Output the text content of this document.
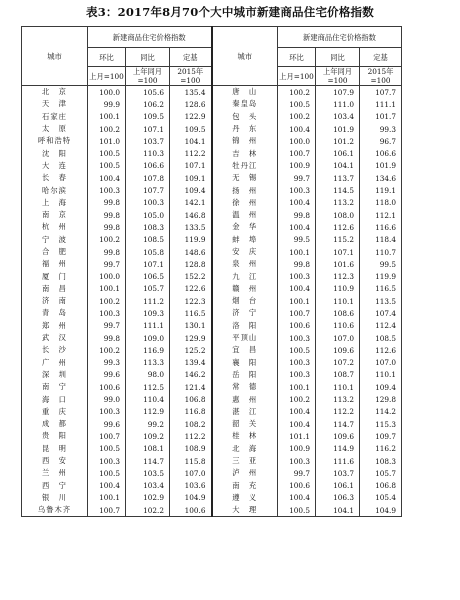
表3：2017年8月70个大中城市新建商品住宅价格指数
城市	新建商品住宅价格指数			城市	新建商品住宅价格指数		
	环比	同比	定基		环比	同比	定基
	上月=100	上年同月=100	2015年=100		上月=100	上年同月=100	2015年=100
北　京	100.0	105.6	135.4	唐　山	100.2	107.9	107.7
天　津	99.9	106.2	128.6	秦皇岛	100.5	111.0	111.1
石家庄	100.1	109.5	122.9	包　头	100.2	103.4	101.7
太　原	100.2	107.1	109.5	丹　东	100.4	101.9	99.3
呼和浩特	101.0	103.7	104.1	锦　州	100.0	101.2	96.7
沈　阳	100.5	110.3	112.2	吉　林	100.7	106.1	106.6
大　连	100.5	106.6	107.1	牡丹江	100.9	104.1	101.9
长　春	100.4	107.8	109.1	无　锡	99.7	113.7	134.6
哈尔滨	100.3	107.7	109.4	扬　州	100.3	114.5	119.1
上　海	99.8	100.3	142.1	徐　州	100.4	113.2	118.0
南　京	99.8	105.0	146.8	温　州	99.8	108.0	112.1
杭　州	99.8	108.3	133.5	金　华	100.4	112.6	116.6
宁　波	100.2	108.5	119.9	蚌　埠	99.5	115.2	118.4
合　肥	99.8	105.8	148.6	安　庆	100.1	107.1	110.7
福　州	99.7	107.1	128.8	泉　州	99.8	101.6	99.5
厦　门	100.0	106.5	152.2	九　江	100.3	112.3	119.9
南　昌	100.1	105.7	122.6	赣　州	100.4	110.9	116.5
济　南	100.2	111.2	122.3	烟　台	100.1	110.1	113.5
青　岛	100.3	109.3	116.5	济　宁	100.7	108.6	107.4
郑　州	99.7	111.1	130.1	洛　阳	100.6	110.6	112.4
武　汉	99.8	109.0	129.9	平顶山	100.3	107.0	108.5
长　沙	100.2	116.9	125.2	宜　昌	100.5	109.6	112.6
广　州	99.3	113.3	139.4	襄　阳	100.3	107.2	107.0
深　圳	99.6	98.0	146.2	岳　阳	100.3	108.7	110.1
南　宁	100.6	112.5	121.4	常　德	100.1	110.1	109.4
海　口	99.0	110.4	106.8	惠　州	100.2	113.2	129.8
重　庆	100.3	112.9	116.8	湛　江	100.4	112.2	114.2
成　都	99.6	99.2	108.2	韶　关	100.4	114.7	115.3
贵　阳	100.7	109.2	112.2	桂　林	101.1	109.6	109.7
昆　明	100.5	108.1	108.9	北　海	100.9	114.9	116.2
西　安	100.3	114.7	115.8	三　亚	100.3	111.6	108.3
兰　州	100.5	103.5	107.0	泸　州	99.7	103.7	105.7
西　宁	100.4	103.4	103.6	南　充	100.6	106.1	106.8
银　川	100.1	102.9	104.9	遵　义	100.4	106.3	105.4
乌鲁木齐	100.7	102.2	100.6	大　理	100.5	104.1	104.9
